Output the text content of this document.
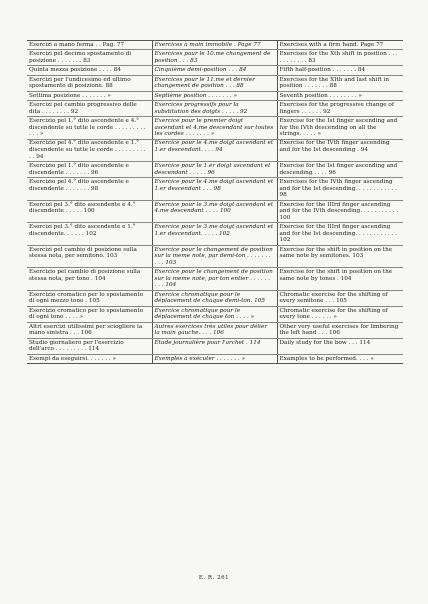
Esercizi a mano ferma . . Pag. 77	Exercices à main immobile . Page 77	Exercises with a firm hand. Page 77
Esercizi pel decimo spostamento di posizione . . . . . . . 83	Exercices pour le 10.me changement de position . . . 83	Exercises for the Xth shift in position . . . . . . . . . . . 83
Quinta mezza posizione . . . . 84	Cinquième demi-position . . . 84	Fifth half-position . . . . . . . 84
Esercizi per l'undicesimo ed ultimo spostamento di posizione. 88	Exercices pour le 11.me et dernier changement de position . . . 88	Exercises for the XIth and last shift in position . . . . . . . 88
Settima posizione . . . . . . . »	Septième position . . . . . . . »	Seventh position . . . . . . . . »
Esercizi pel cambio progressivo delle dita . . . . . . . . 92	Exercices progressifs pour la substitution des doigts . . . . . 92	Exercises for the progressive change of fingers . . . . . . 92
Esercizio pel 1.° dito ascendente e 4.° discendente su tutte le corde . . . . . . . . . . . . »	Exercice pour le premier doigt ascendant et 4.me descendant sur toutes les cordes . . . . . . . »	Exercise for the Ist finger ascending and for the IVth descending on all the strings. . . . . »
Esercizio pel 4.° dito ascendente e 1.° discendente su tutte le corde . . . . . . . . . . . 94	Exercice pour le 4.me doigt ascendant et 1.er descendant. . . . 94	Exercise for the IVth finger ascending and for the Ist descending . 94
Esercizio pel 1.° dito ascendente e discendente . . . . . . . 96	Exercice pour le 1.er doigt ascendant et descendant . . . . . 96	Exercise for the Ist finger ascending and descending . . . . 96
Esercizio pel 4.° dito ascendente e discendente . . . . . . . 98	Exercice pour le 4.me doigt ascendant et 1.er descendant . . . 98	Exercises for the IVth finger ascending and for the Ist descending. . . . . . . . . . . . 98
Esercizi pel 3.° dito ascendente e 4.° discendente . . . . . 100	Exercice pour le 3.me doigt ascendant et 4.me descendant . . . . 100	Exercise for the IIIrd finger ascending and for the IVth descending. . . . . . . . . . . 100
Esercizi pel 3.° dito ascendente e 1.° discendente. . . . . . 102	Exercice pour le 3.me doigt ascendant et 1.er descendant. . . . . 102	Exercise for the IIIrd finger ascending and for the Ist descending. . . . . . . . . . . . 102
Esercizi pel cambio di posizione sulla stessa nota, per semitono. 103	Exercice pour le changement de position sur la meme note, par demi-ton . . . . . . . . . . 103	Exercise for the shift in position on the same note by semitones. 103
Esercizio pel cambio di posizione sulla stessa nota, per tono . 104	Exercice pour le changement de position sur la meme note, par ton entier . . . . . . . . . 104	Exercise for the shift in position on the same note by tones . 104
Esercizio cromatico per lo spostamento di ogni mezzo tono . 105	Exercice chromatique pour le déplacement de chaque demi-ton. 105	Chromatic exercise for the shifting of every semitone . . . 105
Esercizio cromatico per lo spostamento di ogni tono . . . . »	Exercice chromatique pour le déplacement de chaque ton . . . . »	Chromatic exercise for the shifting of every tone . . . . . . »
Altri esercizi utilissimi per sciogliere la mano sinistra . . . 106	Autres exercices très utiles pour délier la main gauche. . . . 106	Other very useful exercises for limbering the left hand . . . 106
Studio giornaliero per l'esercizio dell'arco . . . . . . . . . 114	Étude journalière pour l'archet . 114	Daily study for the bow . . . 114
Esempi da eseguirsi. . . . . . . »	Exemples à exécuter . . . . . . . »	Examples to be performed. . . . »
E. R. 261
